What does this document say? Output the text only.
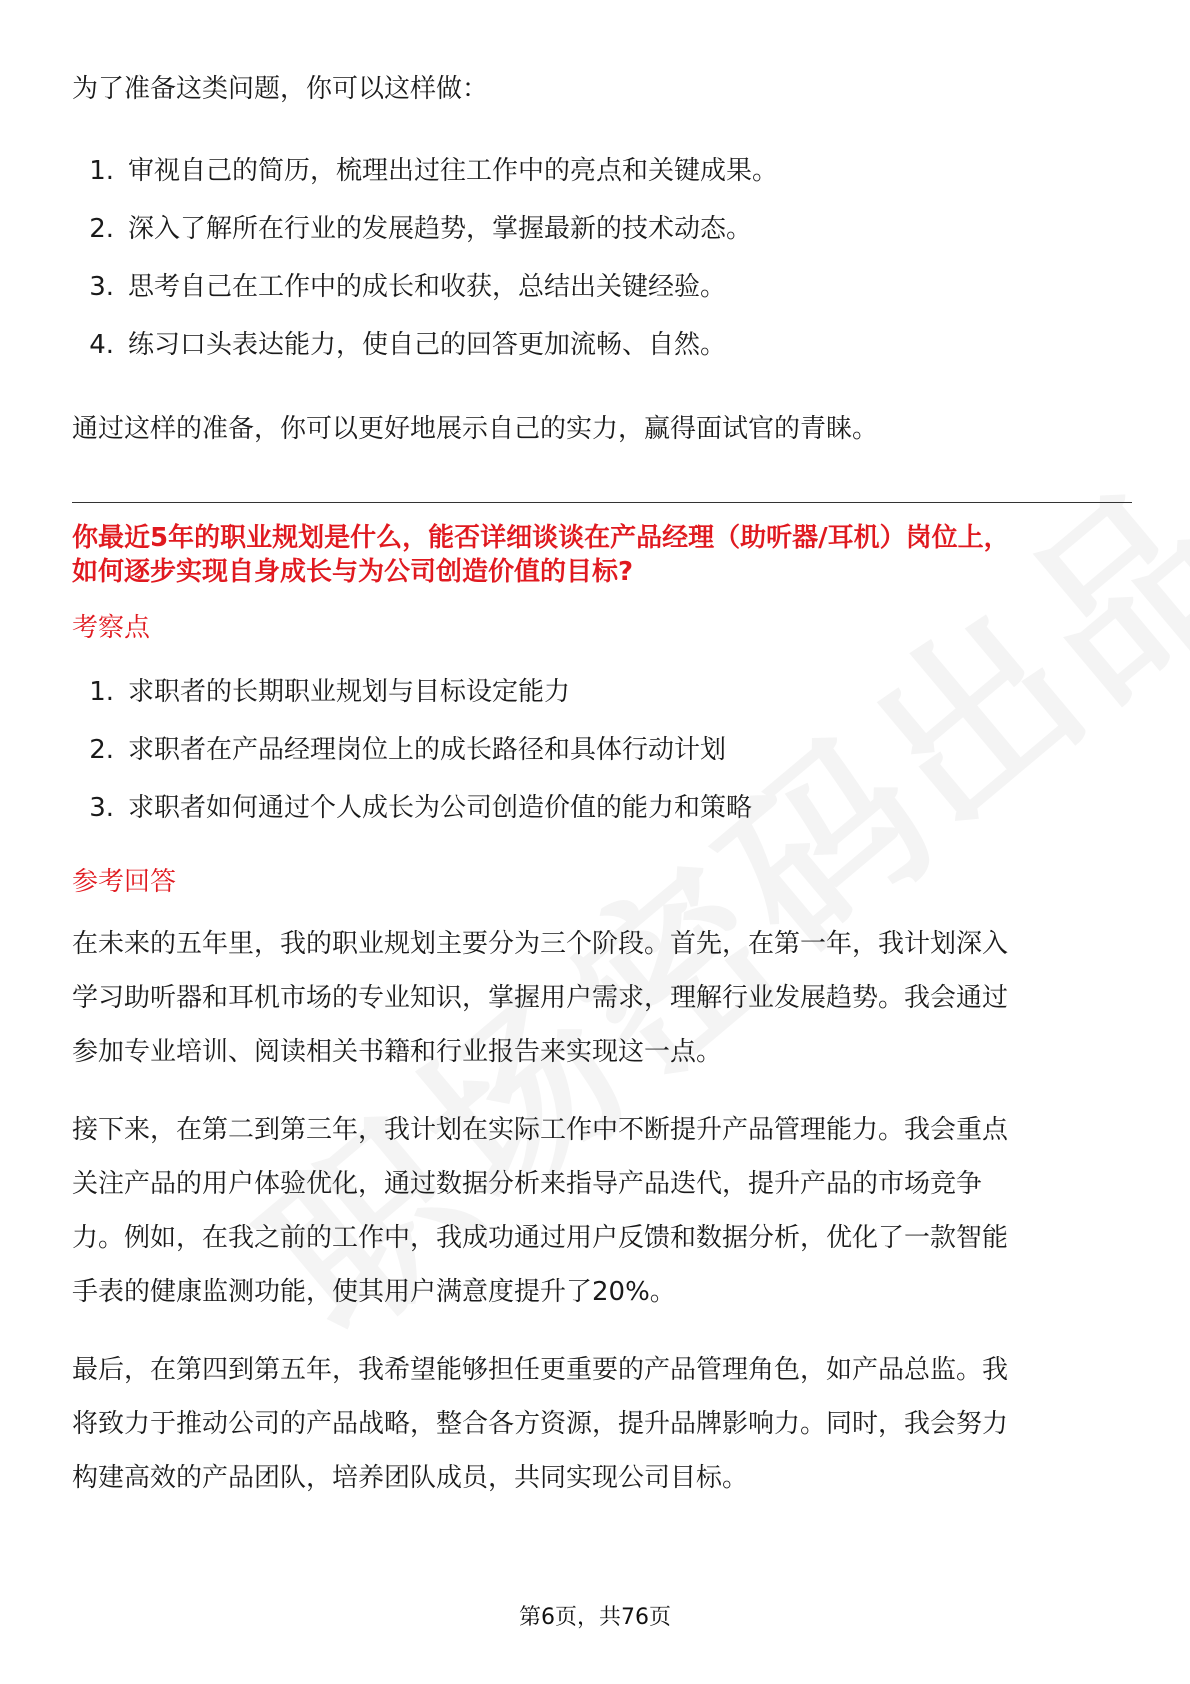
为了准备这类问题，你可以这样做：

1. 审视自己的简历，梳理出过往工作中的亮点和关键成果。
2. 深入了解所在行业的发展趋势，掌握最新的技术动态。
3. 思考自己在工作中的成长和收获，总结出关键经验。
4. 练习口头表达能力，使自己的回答更加流畅、自然。

通过这样的准备，你可以更好地展示自己的实力，赢得面试官的青睐。

你最近5年的职业规划是什么，能否详细谈谈在产品经理（助听器/耳机）岗位上，
如何逐步实现自身成长与为公司创造价值的目标?
考察点
1. 求职者的长期职业规划与目标设定能力
2. 求职者在产品经理岗位上的成长路径和具体行动计划
3. 求职者如何通过个人成长为公司创造价值的能力和策略
参考回答

在未来的五年里，我的职业规划主要分为三个阶段。首先，在第一年，我计划深入

学习助听器和耳机市场的专业知识，掌握用户需求，理解行业发展趋势。我会通过

参加专业培训、阅读相关书籍和行业报告来实现这一点。

接下来，在第二到第三年，我计划在实际工作中不断提升产品管理能力。我会重点

关注产品的用户体验优化，通过数据分析来指导产品迭代，提升产品的市场竞争

力。例如，在我之前的工作中，我成功通过用户反馈和数据分析，优化了一款智能

手表的健康监测功能，使其用户满意度提升了20%。

最后，在第四到第五年，我希望能够担任更重要的产品管理角色，如产品总监。我

将致力于推动公司的产品战略，整合各方资源，提升品牌影响力。同时，我会努力

构建高效的产品团队，培养团队成员，共同实现公司目标。

第6页，共76页
